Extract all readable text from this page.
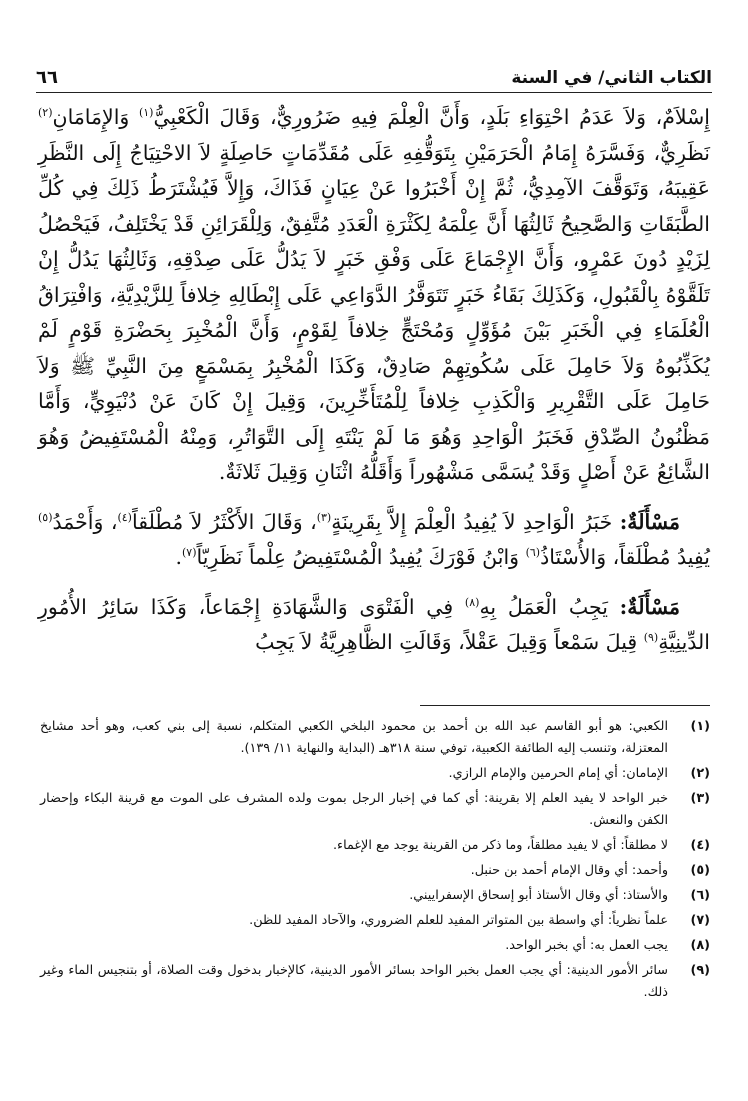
الكتاب الثاني/ في السنة
٦٦

إِسْلاَمٌ، وَلاَ عَدَمُ احْتِوَاءِ بَلَدٍ، وَأَنَّ الْعِلْمَ فِيهِ ضَرُورِيٌّ، وَقَالَ الْكَعْبِيُّ$^{(١)}$ وَالإِمَامَانِ$^{(٢)}$ نَظَرِيٌّ، وَفَسَّرَهُ إِمَامُ الْحَرَمَيْنِ بِتَوَقُّفِهِ عَلَى مُقَدِّمَاتٍ حَاصِلَةٍ لاَ الاحْتِيَاجُ إِلَى النَّظَرِ عَقِيبَهُ، وَتَوَقَّفَ الآمِدِيُّ، ثُمَّ إِنْ أَخْبَرُوا عَنْ عِيَانٍ فَذَاكَ، وَإِلاَّ فَيُشْتَرَطُ ذَلِكَ فِي كُلِّ الطَّبَقَاتِ وَالصَّحِيحُ ثَالِثُهَا أَنَّ عِلْمَهُ لِكَثْرَةِ الْعَدَدِ مُتَّفِقٌ، وَلِلْقَرَائِنِ قَدْ يَخْتَلِفُ، فَيَحْصُلُ لِزَيْدٍ دُونَ عَمْرٍو، وَأَنَّ الإِجْمَاعَ عَلَى وَفْقِ خَبَرٍ لاَ يَدُلُّ عَلَى صِدْقِهِ، وَثَالِثُهَا يَدُلُّ إِنْ تَلَقَّوْهُ بِالْقَبُولِ، وَكَذَلِكَ بَقَاءُ خَبَرٍ تَتَوَفَّرُ الدَّوَاعِي عَلَى إِبْطَالِهِ خِلافاً لِلزَّيْدِيَّةِ، وَافْتِرَاقُ الْعُلَمَاءِ فِي الْخَبَرِ بَيْنَ مُؤَوِّلٍ وَمُحْتَجٍّ خِلافاً لِقَوْمٍ، وَأَنَّ الْمُخْبِرَ بِحَضْرَةِ قَوْمٍ لَمْ يُكَذِّبُوهُ وَلاَ حَامِلَ عَلَى سُكُوتِهِمْ صَادِقٌ، وَكَذَا الْمُخْبِرُ بِمَسْمَعٍ مِنَ النَّبِيِّ ﷺ وَلاَ حَامِلَ عَلَى التَّقْرِيرِ وَالْكَذِبِ خِلافاً لِلْمُتَأَخِّرِينَ، وَقِيلَ إِنْ كَانَ عَنْ دُنْيَوِيٍّ، وَأَمَّا مَظْنُونُ الصِّدْقِ فَخَبَرُ الْوَاحِدِ وَهُوَ مَا لَمْ يَنْتَهِ إِلَى التَّوَاتُرِ، وَمِنْهُ الْمُسْتَفِيضُ وَهُوَ الشَّائِعُ عَنْ أَصْلٍ وَقَدْ يُسَمَّى مَشْهُوراً وَأَقَلُّهُ اثْنَانِ وَقِيلَ ثَلاثَةٌ.

مَسْأَلَةٌ: خَبَرُ الْوَاحِدِ لاَ يُفِيدُ الْعِلْمَ إِلاَّ بِقَرِينَةٍ$^{(٣)}$، وَقَالَ الأَكْثَرُ لاَ مُطْلَقاً$^{(٤)}$، وَأَحْمَدُ$^{(٥)}$ يُفِيدُ مُطْلَقاً، وَالأُسْتَاذُ$^{(٦)}$ وَابْنُ فَوْرَكَ يُفِيدُ الْمُسْتَفِيضُ عِلْماً نَظَرِيّاً$^{(٧)}$.

مَسْأَلَةٌ: يَجِبُ الْعَمَلُ بِهِ$^{(٨)}$ فِي الْفَتْوَى وَالشَّهَادَةِ إِجْمَاعاً، وَكَذَا سَائِرُ الأُمُورِ الدِّينِيَّةِ$^{(٩)}$ قِيلَ سَمْعاً وَقِيلَ عَقْلاً، وَقَالَتِ الظَّاهِرِيَّةُ لاَ يَجِبُ

(١)
الكعبي: هو أبو القاسم عبد الله بن أحمد بن محمود البلخي الكعبي المتكلم، نسبة إلى بني كعب، وهو أحد مشايخ المعتزلة، وتنسب إليه الطائفة الكعبية، توفي سنة ٣١٨هـ (البداية والنهاية ١١/ ١٣٩).
(٢)
الإمامان: أي إمام الحرمين والإمام الرازي.
(٣)
خبر الواحد لا يفيد العلم إلا بقرينة: أي كما في إخبار الرجل بموت ولده المشرف على الموت مع قرينة البكاء وإحضار الكفن والنعش.
(٤)
لا مطلقاً: أي لا يفيد مطلقاً، وما ذكر من القرينة يوجد مع الإغماء.
(٥)
وأحمد: أي وقال الإمام أحمد بن حنبل.
(٦)
والأستاذ: أي وقال الأستاذ أبو إسحاق الإسفراييني.
(٧)
علماً نظرياً: أي واسطة بين المتواتر المفيد للعلم الضروري، والآحاد المفيد للظن.
(٨)
يجب العمل به: أي بخبر الواحد.
(٩)
سائر الأمور الدينية: أي يجب العمل بخبر الواحد بسائر الأمور الدينية، كالإخبار بدخول وقت الصلاة، أو بتنجيس الماء وغير ذلك.
